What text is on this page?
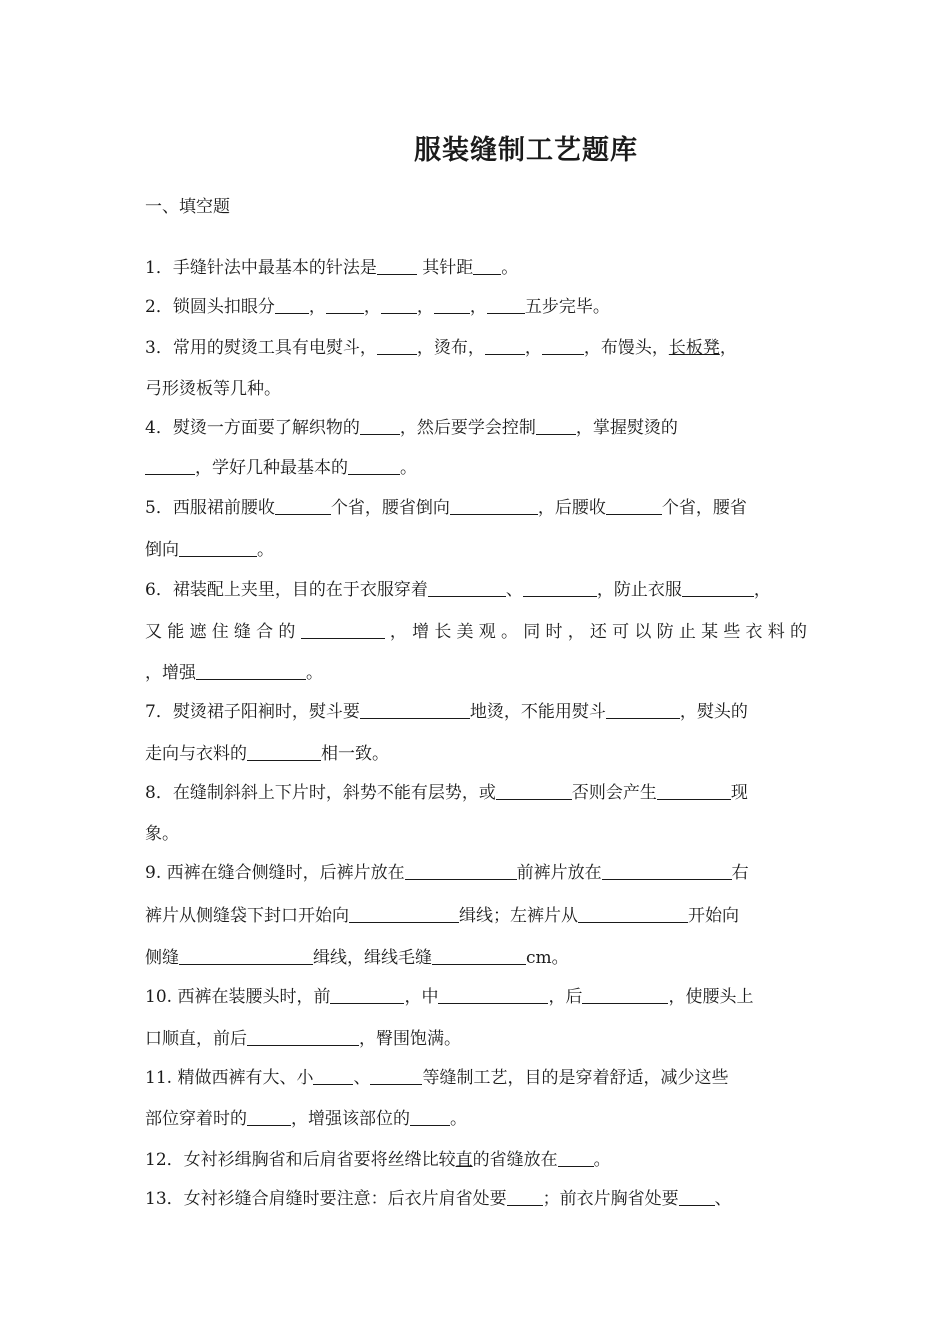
服装缝制工艺题库
一、填空题
1．手缝针法中最基本的针法是	其针距 。
2．锁圆头扣眼分 ， ， ， ， 五步完毕。
3．常用的熨烫工具有电熨斗， ，烫布， ， ，布馒头，长板凳，
弓形烫板等几种。
4．熨烫一方面要了解织物的 ，然后要学会控制 ，掌握熨烫的
，学好几种最基本的	。
5．西服裙前腰收	个省，腰省倒向	，后腰收	个省，腰省
倒向	。
6．裙装配上夹里，目的在于衣服穿着	、	，防止衣服	，
又能遮住缝合的	，增长美观。同时，还可以防止某些衣料的
，增强	。
7．熨烫裙子阳裥时，熨斗要	地烫，不能用熨斗	，熨头的
走向与衣料的	相一致。
8．在缝制斜斜上下片时，斜势不能有层势，或	否则会产生	现
象。
9. 西裤在缝合侧缝时，后裤片放在	前裤片放在	右
裤片从侧缝袋下封口开始向	缉线；左裤片从	开始向
侧缝	缉线，缉线毛缝	cm。
10. 西裤在装腰头时，前	，中	，后	，使腰头上
口顺直，前后	，臀围饱满。
11. 精做西裤有大、小 、	等缝制工艺，目的是穿着舒适，减少这些
部位穿着时的	，增强该部位的 。
12．女衬衫缉胸省和后肩省要将丝绺比较直的省缝放在 。
13．女衬衫缝合肩缝时要注意：后衣片肩省处要 ；前衣片胸省处要 、
